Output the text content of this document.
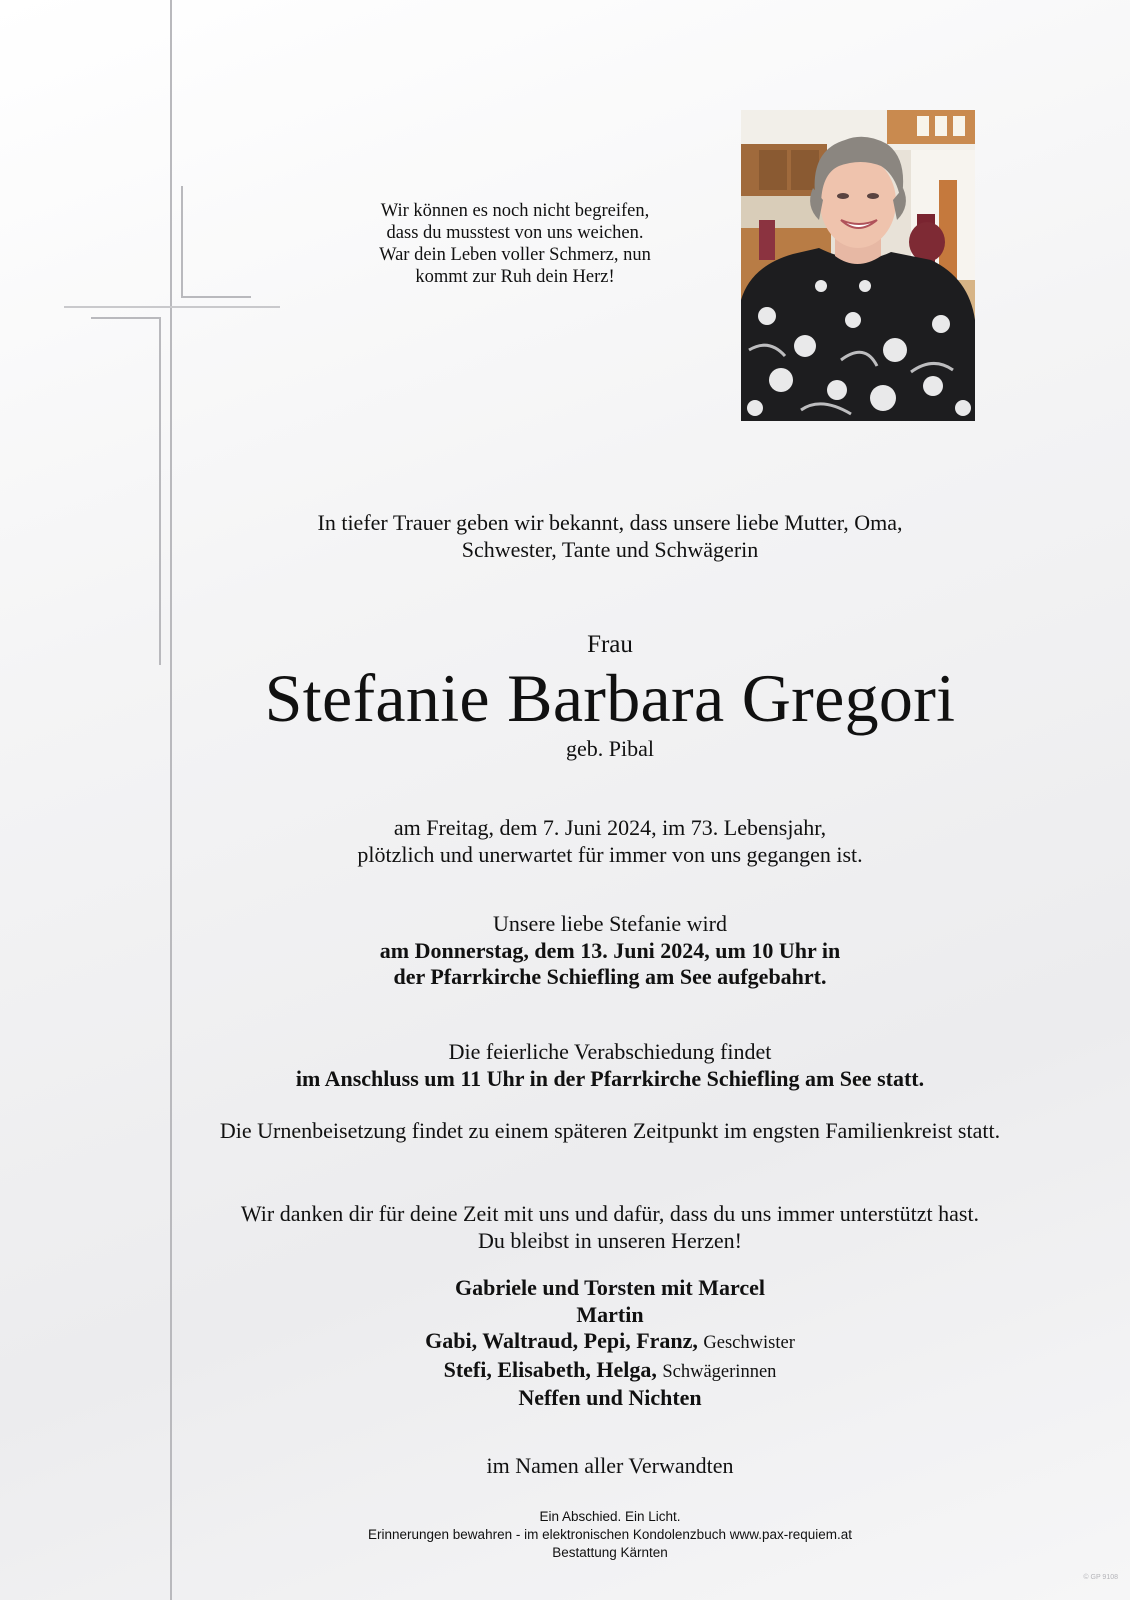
Wir können es noch nicht begreifen,
dass du musstest von uns weichen.
War dein Leben voller Schmerz, nun
kommt zur Ruh dein Herz!
In tiefer Trauer geben wir bekannt, dass unsere liebe Mutter, Oma,
Schwester, Tante und Schwägerin
Frau
Stefanie Barbara Gregori
geb. Pibal
am Freitag, dem 7. Juni 2024, im 73. Lebensjahr,
plötzlich und unerwartet für immer von uns gegangen ist.
Unsere liebe Stefanie wird
am Donnerstag, dem 13. Juni 2024, um 10 Uhr in
der Pfarrkirche Schiefling am See aufgebahrt.
Die feierliche Verabschiedung findet
im Anschluss um 11 Uhr in der Pfarrkirche Schiefling am See statt.
Die Urnenbeisetzung findet zu einem späteren Zeitpunkt im engsten Familienkreist statt.
Wir danken dir für deine Zeit mit uns und dafür, dass du uns immer unterstützt hast.
Du bleibst in unseren Herzen!
Gabriele und Torsten mit Marcel
Martin
Gabi, Waltraud, Pepi, Franz, Geschwister
Stefi, Elisabeth, Helga, Schwägerinnen
Neffen und Nichten
im Namen aller Verwandten
Ein Abschied. Ein Licht.
Erinnerungen bewahren - im elektronischen Kondolenzbuch www.pax-requiem.at
Bestattung Kärnten
© GP 9108
